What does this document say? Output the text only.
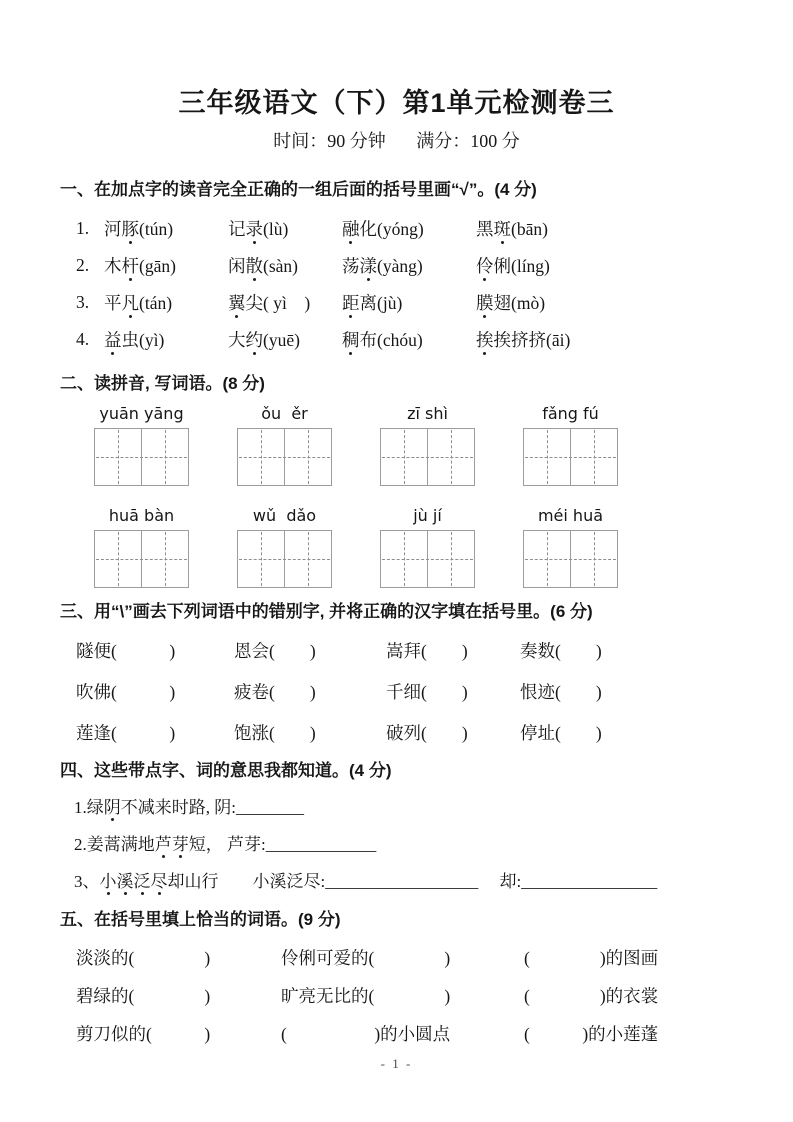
三年级语文（下）第1单元检测卷三
时间：90 分钟 满分：100 分
一、在加点字的读音完全正确的一组后面的括号里画“√”。(4 分)
1. 河豚(tún)	记录(lù)	融化(yóng)	黑斑(bān)
2. 木杆(gān)	闲散(sàn)	荡漾(yàng)	伶俐(líng)
3. 平凡(tán)	翼尖( yì　)	距离(jù)	膜翅(mò)
4. 益虫(yì)	大约(yuē)	稠布(chóu)	挨挨挤挤(āi)
二、读拼音, 写词语。(8 分)
yuān yāng	ǒu  ěr	zī shì	fǎng fú
huā bàn	wǔ  dǎo	jù jí	méi huā
三、用“\”画去下列词语中的错别字, 并将正确的汉字填在括号里。(6 分)
隧便(　　　)	恩会(　　)	嵩拜(　　)	奏数(　　)
吹佛(　　　)	疲卷(　　)	千细(　　)	恨迹(　　)
莲逢(　　　)	饱涨(　　)	破列(　　)	停址(　　)
四、这些带点字、词的意思我都知道。(4 分)
1.绿 阴 不减来时路, 阴:________
2.姜蒿满地 芦 芽 短， 芦芽:_____________
3、 小 溪 泛 尽 却山行　　小溪泛尽:__________________　 却:________________
五、在括号里填上恰当的词语。(9 分)
淡淡的(　　　　)	伶俐可爱的(　　　　)	(　　　　)的图画
碧绿的(　　　　)	旷亮无比的(　　　　)	(　　　　)的衣裳
剪刀似的(　　　)	(　　　　　)的小圆点	(　　　)的小莲蓬
- 1 -
